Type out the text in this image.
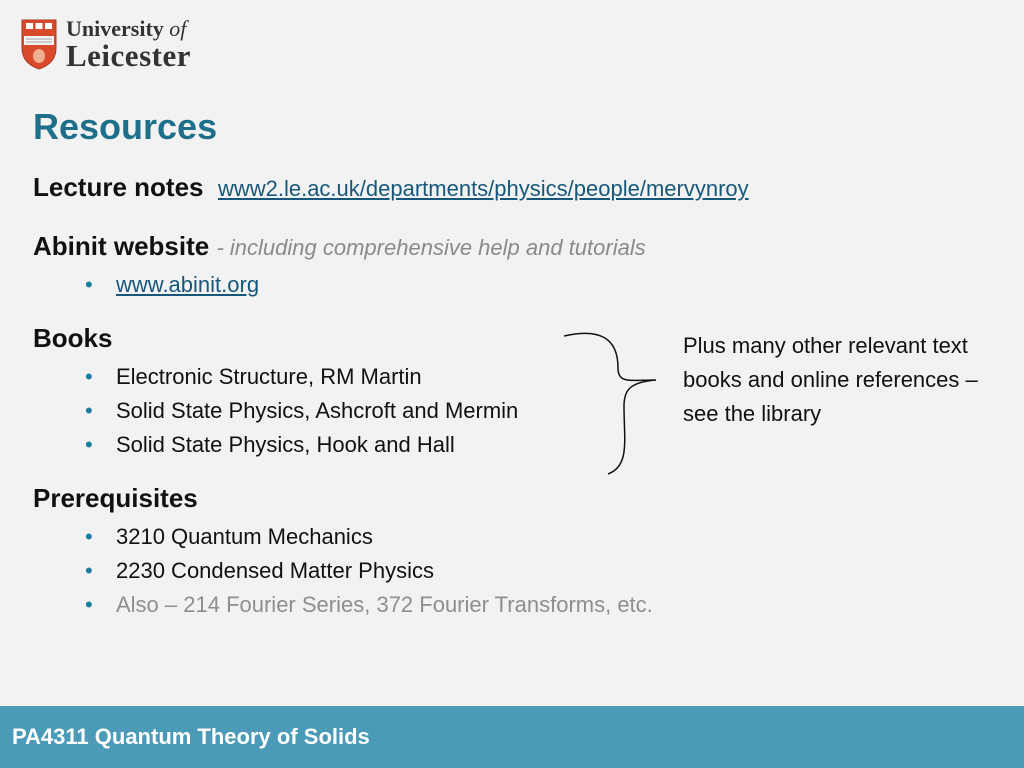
University of
Leicester
Resources
Lecture notes www2.le.ac.uk/departments/physics/people/mervynroy
Abinit website - including comprehensive help and tutorials
• www.abinit.org
Books
• Electronic Structure, RM Martin
• Solid State Physics, Ashcroft and Mermin
• Solid State Physics, Hook and Hall

Plus many other relevant text books and online references – see the library

Prerequisites
• 3210 Quantum Mechanics
• 2230 Condensed Matter Physics
• Also – 214 Fourier Series, 372 Fourier Transforms, etc.
PA4311 Quantum Theory of Solids
